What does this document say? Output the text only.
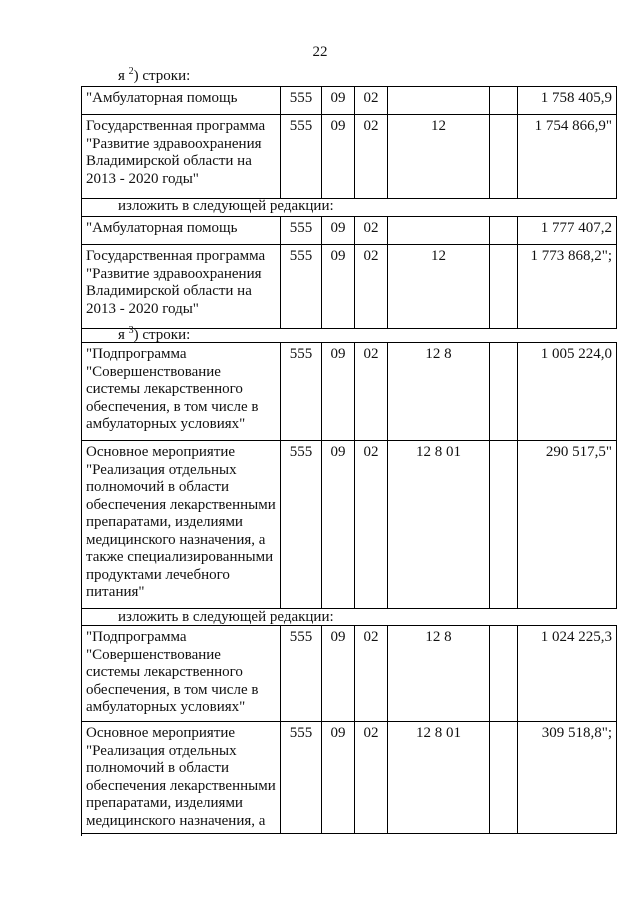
22
я $^2$) строки:
"Амбулаторная помощь	555	09	02			1 758 405,9
Государственная программа "Развитие здравоохранения Владимирской области на 2013 - 2020 годы"	555	09	02	12		1 754 866,9"
изложить в следующей редакции:
"Амбулаторная помощь	555	09	02			1 777 407,2
Государственная программа "Развитие здравоохранения Владимирской области на 2013 - 2020 годы"	555	09	02	12		1 773 868,2";
я $^3$) строки:
"Подпрограмма "Совершенствование системы лекарственного обеспечения, в том числе в амбулаторных условиях"	555	09	02	12 8		1 005 224,0
Основное мероприятие "Реализация отдельных полномочий в области обеспечения лекарственными препаратами, изделиями медицинского назначения, а также специализированными продуктами лечебного питания"	555	09	02	12 8 01		290 517,5"
изложить в следующей редакции:
"Подпрограмма "Совершенствование системы лекарственного обеспечения, в том числе в амбулаторных условиях"	555	09	02	12 8		1 024 225,3
Основное мероприятие "Реализация отдельных полномочий в области обеспечения лекарственными препаратами, изделиями медицинского назначения, а	555	09	02	12 8 01		309 518,8";
